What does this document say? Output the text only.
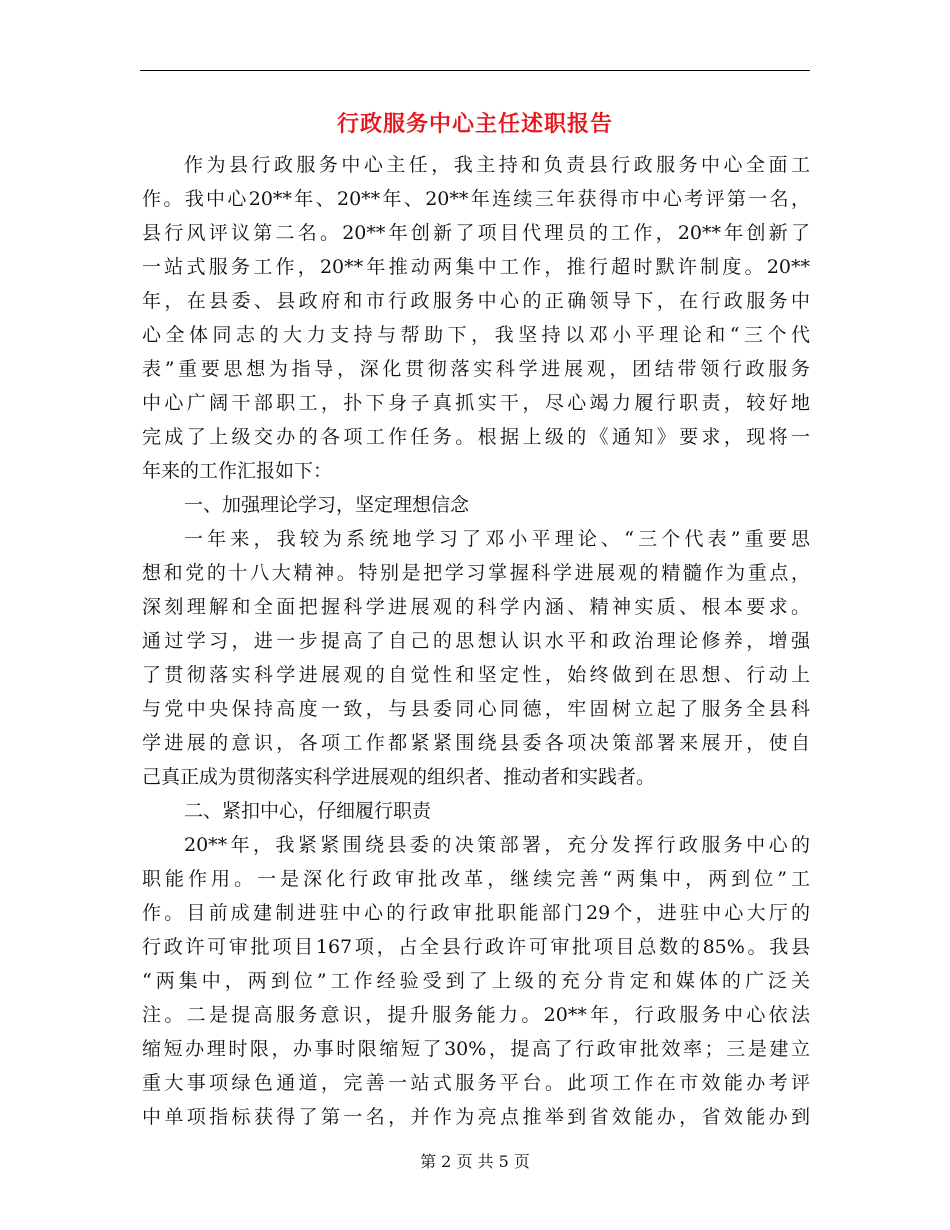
行政服务中心主任述职报告
作为县行政服务中心主任，我主持和负责县行政服务中心全面工
作。我中心20**年、20**年、20**年连续三年获得市中心考评第一名，
县行风评议第二名。20**年创新了项目代理员的工作，20**年创新了
一站式服务工作，20**年推动两集中工作，推行超时默许制度。20**
年，在县委、县政府和市行政服务中心的正确领导下，在行政服务中
心全体同志的大力支持与帮助下，我坚持以邓小平理论和“三个代
表”重要思想为指导，深化贯彻落实科学进展观，团结带领行政服务
中心广阔干部职工，扑下身子真抓实干，尽心竭力履行职责，较好地
完成了上级交办的各项工作任务。根据上级的《通知》要求，现将一
年来的工作汇报如下：
一、加强理论学习，坚定理想信念
一年来，我较为系统地学习了邓小平理论、“三个代表”重要思
想和党的十八大精神。特别是把学习掌握科学进展观的精髓作为重点，
深刻理解和全面把握科学进展观的科学内涵、精神实质、根本要求。
通过学习，进一步提高了自己的思想认识水平和政治理论修养，增强
了贯彻落实科学进展观的自觉性和坚定性，始终做到在思想、行动上
与党中央保持高度一致，与县委同心同德，牢固树立起了服务全县科
学进展的意识，各项工作都紧紧围绕县委各项决策部署来展开，使自
己真正成为贯彻落实科学进展观的组织者、推动者和实践者。
二、紧扣中心，仔细履行职责
20**年，我紧紧围绕县委的决策部署，充分发挥行政服务中心的
职能作用。一是深化行政审批改革，继续完善“两集中，两到位”工
作。目前成建制进驻中心的行政审批职能部门29个，进驻中心大厅的
行政许可审批项目167项，占全县行政许可审批项目总数的85%。我县
“两集中，两到位”工作经验受到了上级的充分肯定和媒体的广泛关
注。二是提高服务意识，提升服务能力。20**年，行政服务中心依法
缩短办理时限，办事时限缩短了30%，提高了行政审批效率；三是建立
重大事项绿色通道，完善一站式服务平台。此项工作在市效能办考评
中单项指标获得了第一名，并作为亮点推举到省效能办，省效能办到
第 2 页 共 5 页
